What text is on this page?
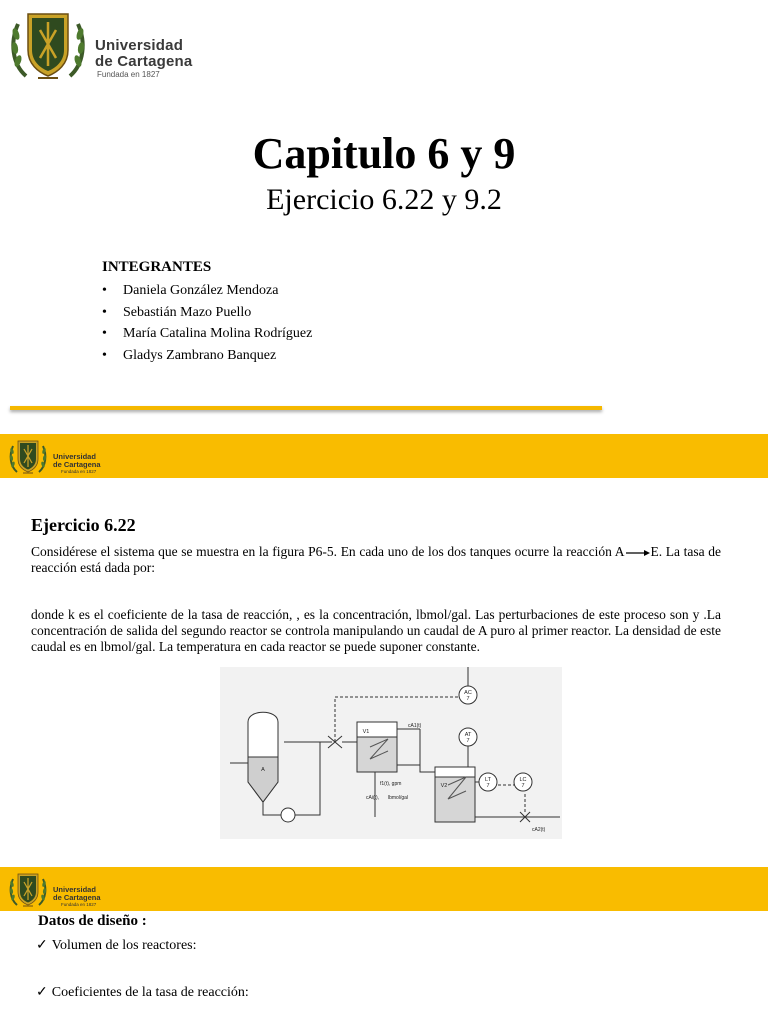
Universidad
de Cartagena
Fundada en 1827
Capitulo 6 y 9
Ejercicio 6.22 y 9.2
INTEGRANTES
• Daniela González Mendoza
• Sebastián Mazo Puello
• María Catalina Molina Rodríguez
• Gladys Zambrano Banquez
Universidad
de Cartagena
Fundada en 1827
Ejercicio 6.22
Considérese el sistema que se muestra en la figura P6-5. En cada uno de los dos tanques ocurre la reacción A E. La tasa de reacción está dada por:
donde k es el coeficiente de la tasa de reacción, , es la concentración, lbmol/gal. Las perturbaciones de este proceso son y .La concentración de salida del segundo reactor se controla manipulando un caudal de A puro al primer reactor. La densidad de este caudal es en lbmol/gal. La temperatura en cada reactor se puede suponer constante.
AC
7
AT
7
LT
7
LC
7
A
V1
V2
f1(t), gpm
cAi(t), lbmol/gal
cA1(t)
cA2(t)
Universidad
de Cartagena
Fundada en 1827
Datos de diseño :
✓ Volumen de los reactores:
✓ Coeficientes de la tasa de reacción:
